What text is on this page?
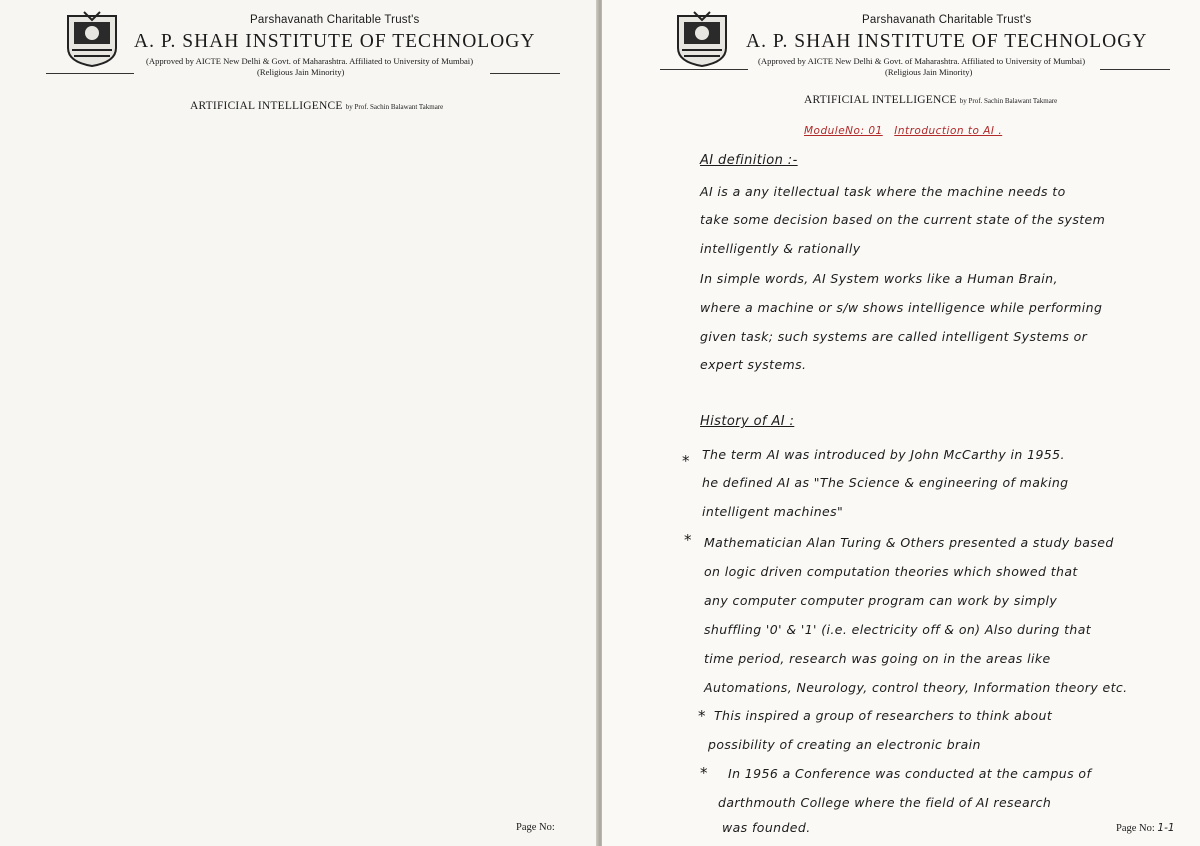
Parshavanath Charitable Trust's
A. P. SHAH INSTITUTE OF TECHNOLOGY
(Approved by AICTE New Delhi & Govt. of Maharashtra. Affiliated to University of Mumbai)
(Religious Jain Minority)
ARTIFICIAL INTELLIGENCE by Prof. Sachin Balawant Takmare
Page No:
Parshavanath Charitable Trust's
A. P. SHAH INSTITUTE OF TECHNOLOGY
(Approved by AICTE New Delhi & Govt. of Maharashtra. Affiliated to University of Mumbai)
(Religious Jain Minority)
ARTIFICIAL INTELLIGENCE by Prof. Sachin Balawant Takmare
ModuleNo: 01 Introduction to AI .
AI definition :-
AI is a any itellectual task where the machine needs to
take some decision based on the current state of the system
intelligently & rationally
In simple words, AI System works like a Human Brain,
where a machine or s/w shows intelligence while performing
given task; such systems are called intelligent Systems or
expert systems.
History of AI :
* The term AI was introduced by John McCarthy in 1955.
he defined AI as "The Science & engineering of making
intelligent machines"
* Mathematician Alan Turing & Others presented a study based
on logic driven computation theories which showed that
any computer computer program can work by simply
shuffling '0' & '1' (i.e. electricity off & on) Also during that
time period, research was going on in the areas like
Automations, Neurology, control theory, Information theory etc.
* This inspired a group of researchers to think about
possibility of creating an electronic brain
* In 1956 a Conference was conducted at the campus of
darthmouth College where the field of AI research
was founded.	Page No: 1-1
